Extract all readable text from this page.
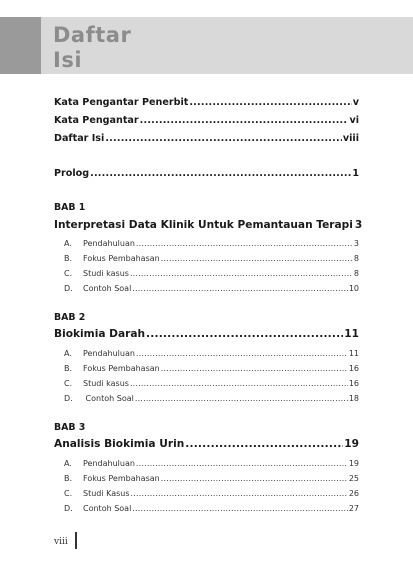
Daftar
Isi
Kata Pengantar Penerbit .....	v
Kata Pengantar .....	vi
Daftar Isi .....	viii
Prolog .....	1
BAB 1
Interpretasi Data Klinik Untuk Pemantauan Terapi 3
A. Pendahuluan .....	3
B. Fokus Pembahasan .....	8
C. Studi kasus .....	8
D. Contoh Soal .....	10
BAB 2
Biokimia Darah .....	11
A. Pendahuluan .....	11
B. Fokus Pembahasan .....	16
C. Studi kasus .....	16
D. Contoh Soal .....	18
BAB 3
Analisis Biokimia Urin .....	19
A. Pendahuluan .....	19
B. Fokus Pembahasan .....	25
C. Studi Kasus .....	26
D. Contoh Soal .....	27
viii
